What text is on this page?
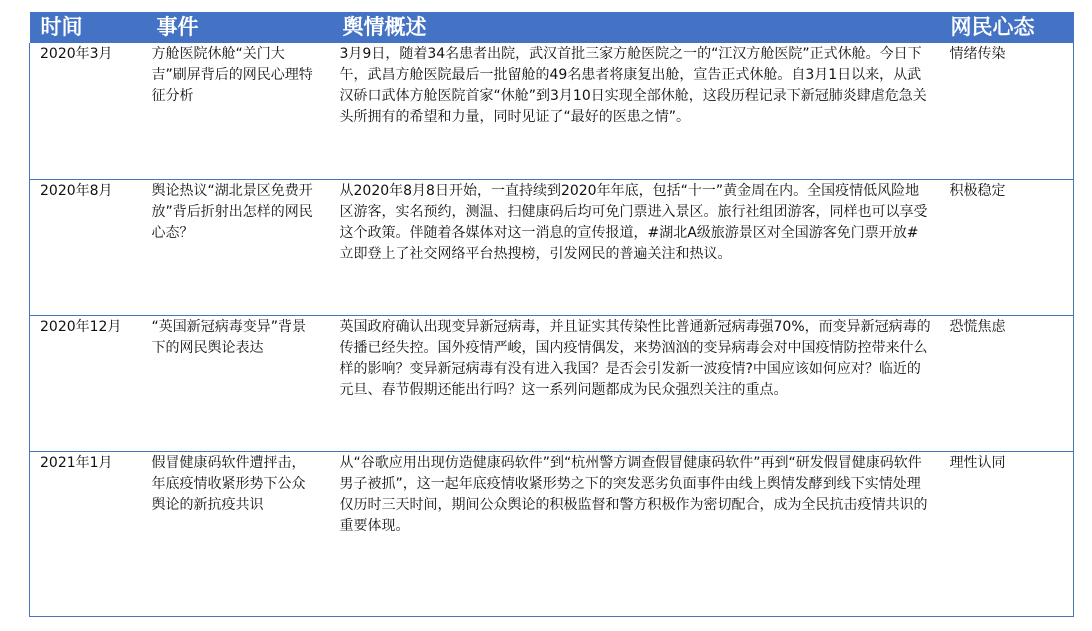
时间	事件	舆情概述	网民心态
2020年3月	方舱医院休舱“关门大吉”刷屏背后的网民心理特征分析	3月9日，随着34名患者出院，武汉首批三家方舱医院之一的“江汉方舱医院”正式休舱。今日下午，武昌方舱医院最后一批留舱的49名患者将康复出舱，宣告正式休舱。自3月1日以来，从武汉硚口武体方舱医院首家“休舱”到3月10日实现全部休舱，这段历程记录下新冠肺炎肆虐危急关头所拥有的希望和力量，同时见证了“最好的医患之情”。	情绪传染
2020年8月	舆论热议“湖北景区免费开放”背后折射出怎样的网民心态？	从2020年8月8日开始，一直持续到2020年年底，包括“十一”黄金周在内。全国疫情低风险地区游客，实名预约，测温、扫健康码后均可免门票进入景区。旅行社组团游客，同样也可以享受这个政策。伴随着各媒体对这一消息的宣传报道，#湖北A级旅游景区对全国游客免门票开放#立即登上了社交网络平台热搜榜，引发网民的普遍关注和热议。	积极稳定
2020年12月	“英国新冠病毒变异”背景下的网民舆论表达	英国政府确认出现变异新冠病毒，并且证实其传染性比普通新冠病毒强70%，而变异新冠病毒的传播已经失控。国外疫情严峻，国内疫情偶发，来势汹汹的变异病毒会对中国疫情防控带来什么样的影响？变异新冠病毒有没有进入我国？是否会引发新一波疫情?中国应该如何应对？临近的元旦、春节假期还能出行吗？这一系列问题都成为民众强烈关注的重点。	恐慌焦虑
2021年1月	假冒健康码软件遭抨击，年底疫情收紧形势下公众舆论的新抗疫共识	从“谷歌应用出现仿造健康码软件”到“杭州警方调查假冒健康码软件”再到“研发假冒健康码软件男子被抓”，这一起年底疫情收紧形势之下的突发恶劣负面事件由线上舆情发酵到线下实情处理仅历时三天时间，期间公众舆论的积极监督和警方积极作为密切配合，成为全民抗击疫情共识的重要体现。	理性认同
